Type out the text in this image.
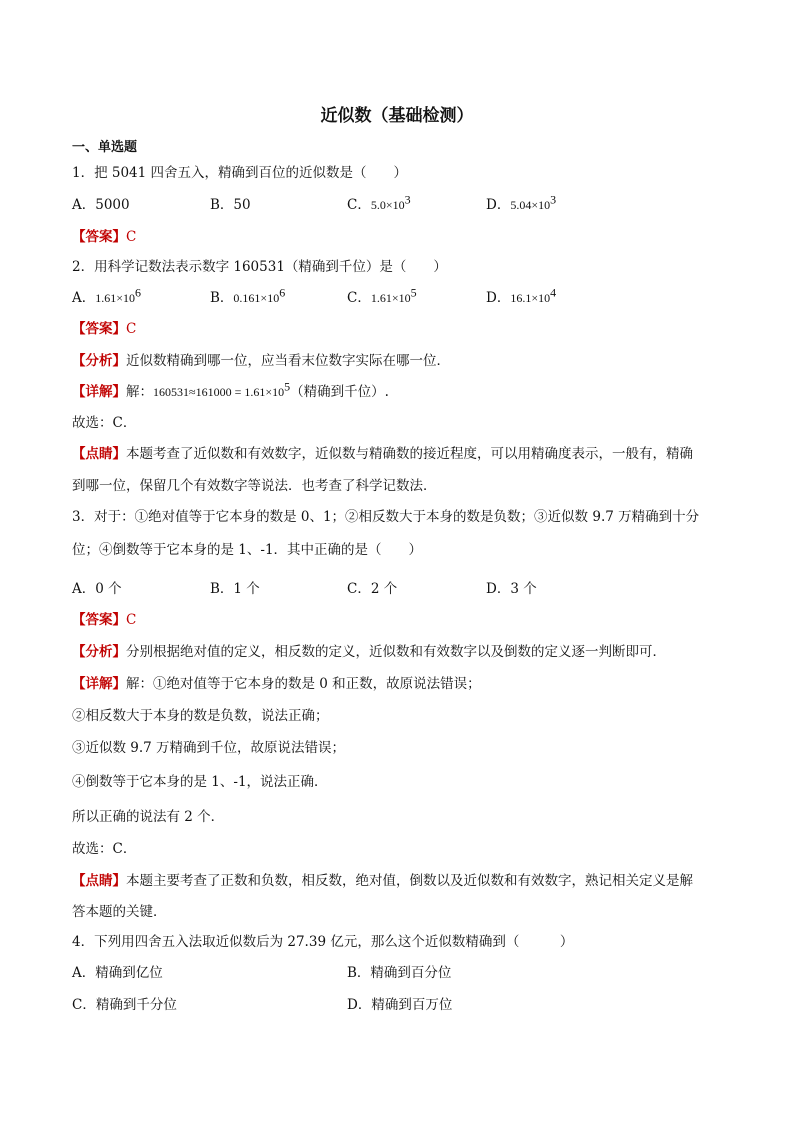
近似数（基础检测）
一、单选题
1．把 5041 四舍五入，精确到百位的近似数是（　　）
A．5000	B．50	C．$5.0\times 10^3$	D．$5.04\times 10^3$
【答案】C
2．用科学记数法表示数字 160531（精确到千位）是（　　）
A．$1.61\times 10^6$	B．$0.161\times 10^6$	C．$1.61\times 10^5$	D．$16.1\times 10^4$
【答案】C
【分析】近似数精确到哪一位，应当看末位数字实际在哪一位．
【详解】解：$160531\approx 161000 = 1.61\times 10^5$（精确到千位）.
故选：C．
【点睛】本题考查了近似数和有效数字，近似数与精确数的接近程度，可以用精确度表示，一般有，精确
到哪一位，保留几个有效数字等说法．也考查了科学记数法．
3．对于：①绝对值等于它本身的数是 0、1；②相反数大于本身的数是负数；③近似数 9.7 万精确到十分
位；④倒数等于它本身的是 1、-1．其中正确的是（　　）
A．0 个	B．1 个	C．2 个	D．3 个
【答案】C
【分析】分别根据绝对值的定义，相反数的定义，近似数和有效数字以及倒数的定义逐一判断即可．
【详解】解：①绝对值等于它本身的数是 0 和正数，故原说法错误；
②相反数大于本身的数是负数，说法正确；
③近似数 9.7 万精确到千位，故原说法错误；
④倒数等于它本身的是 1、-1，说法正确．
所以正确的说法有 2 个．
故选：C．
【点睛】本题主要考查了正数和负数，相反数，绝对值，倒数以及近似数和有效数字，熟记相关定义是解
答本题的关键．
4．下列用四舍五入法取近似数后为 27.39 亿元，那么这个近似数精确到（　　　）
A．精确到亿位	B．精确到百分位
C．精确到千分位	D．精确到百万位
